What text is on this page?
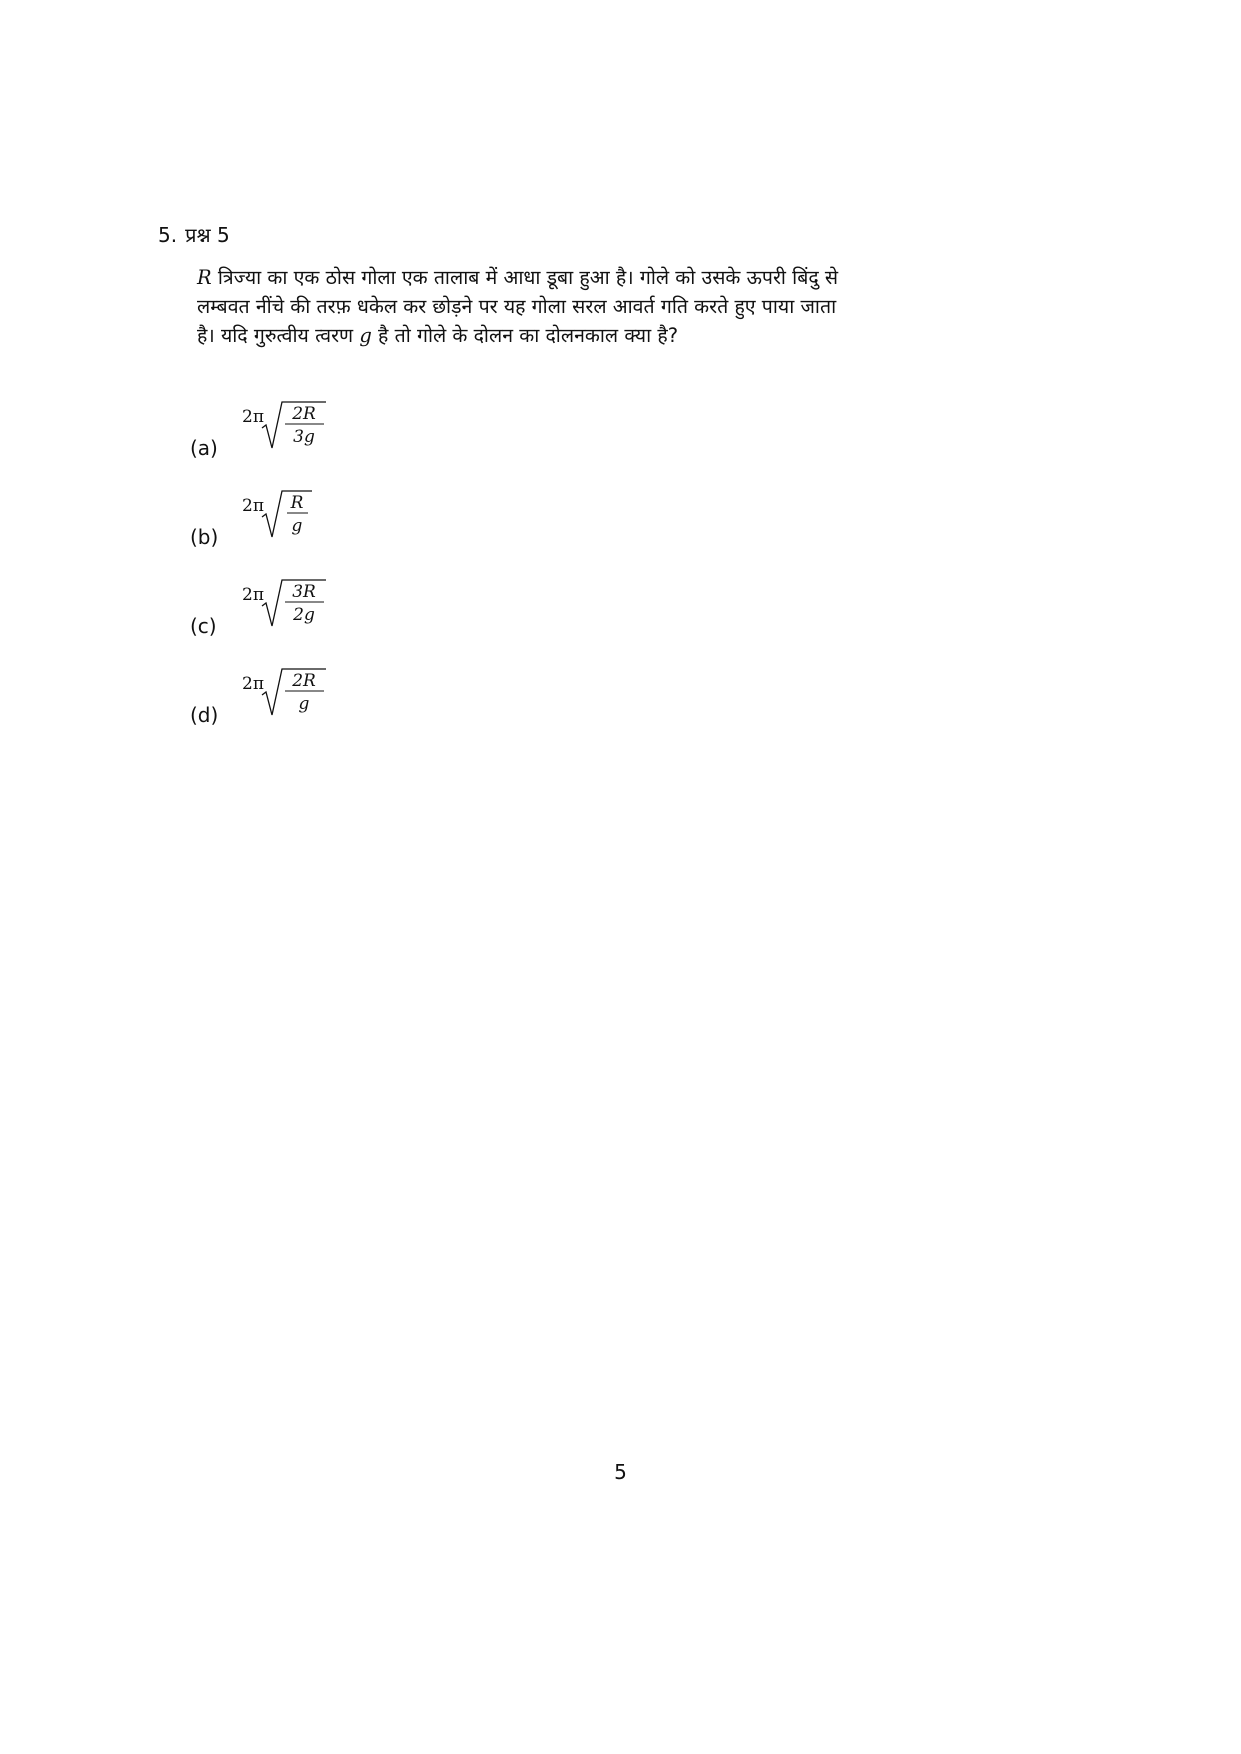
5. प्रश्न 5
R त्रिज्या का एक ठोस गोला एक तालाब में आधा डूबा हुआ है। गोले को उसके ऊपरी बिंदु से
लम्बवत नींचे की तरफ़ धकेल कर छोड़ने पर यह गोला सरल आवर्त गति करते हुए पाया जाता
है। यदि गुरुत्वीय त्वरण g है तो गोले के दोलन का दोलनकाल क्या है?
(a)
2π 2R
3g
(b)
2π R
g
(c)
2π 3R
2g
(d)
2π 2R
g
5
